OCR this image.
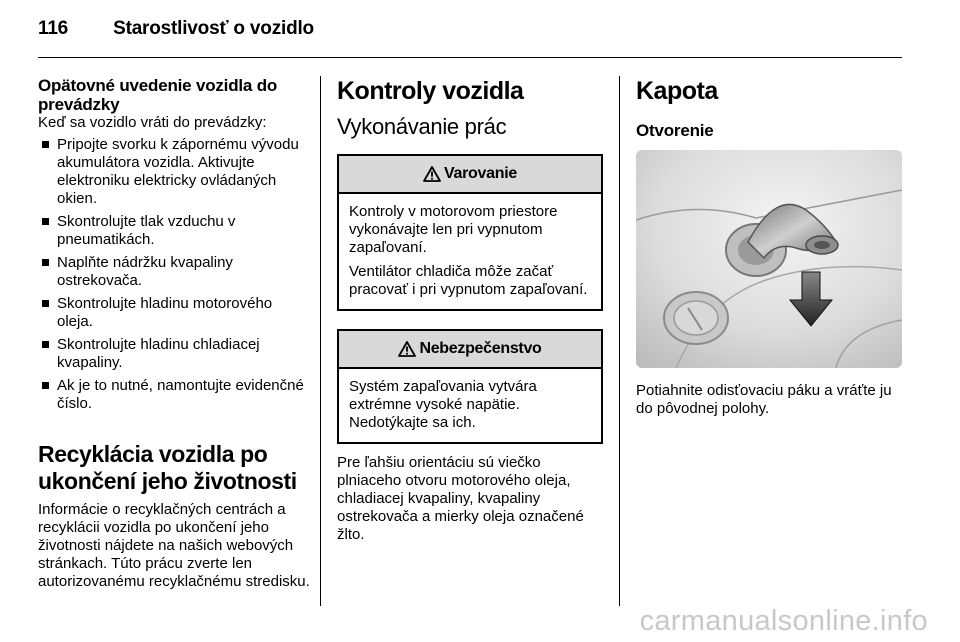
116 Starostlivosť o vozidlo
Opätovné uvedenie vozidla do prevádzky

Keď sa vozidlo vráti do prevádzky:

Pripojte svorku k zápornému vývodu akumulátora vozidla. Aktivujte elektroniku elektricky ovládaných okien.
Skontrolujte tlak vzduchu v pneumatikách.
Naplňte nádržku kvapaliny ostrekovača.
Skontrolujte hladinu motorového oleja.
Skontrolujte hladinu chladiacej kvapaliny.
Ak je to nutné, namontujte evidenčné číslo.
Recyklácia vozidla po ukončení jeho životnosti

Informácie o recyklačných centrách a recyklácii vozidla po ukončení jeho životnosti nájdete na našich webových stránkach. Túto prácu zverte len autorizovanému recyklačnému stredisku.

Kontroly vozidla
Vykonávanie prác
Varovanie

Kontroly v motorovom priestore vykonávajte len pri vypnutom zapaľovaní.

Ventilátor chladiča môže začať pracovať i pri vypnutom zapaľovaní.

Nebezpečenstvo

Systém zapaľovania vytvára extrémne vysoké napätie. Nedotýkajte sa ich.

Pre ľahšiu orientáciu sú viečko plniaceho otvoru motorového oleja, chladiacej kvapaliny, kvapaliny ostrekovača a mierky oleja označené žlto.

Kapota
Otvorenie

Potiahnite odisťovaciu páku a vráťte ju do pôvodnej polohy.

carmanualsonline.info
